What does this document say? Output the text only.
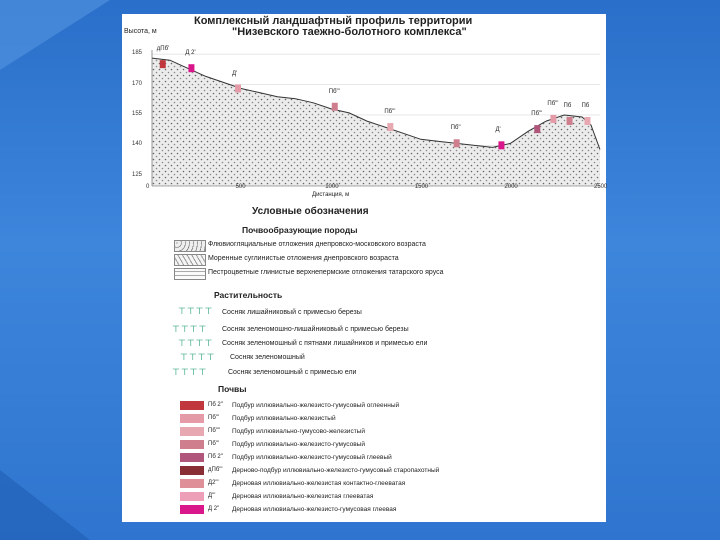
Комплексный ландшафтный профиль территории
"Низевского таежно-болотного комплекса"
Высота, м
185
170
155
140
125
0	500	1000	1500	2000	2500
дПб'
Д 2'
Д'
Пб"'
Пб'"
Пб''	Д'
Пб'"
Пб"' Пб Пб
Дистанция, м
Условные обозначения
Почвообразующие породы
Флювиогляциальные отложения днепровско-московского возраста
Моренные суглинистые отложения днепровского возраста
Пестроцветные глинистые верхнепермские отложения татарского яруса
Растительность
⊤⊤⊤⊤ Сосняк лишайниковый с примесью березы
⊤⊤⊤⊤ Сосняк зеленомошно-лишайниковый с примесью березы
⊤⊤⊤⊤ Сосняк зеленомошный с пятнами лишайников и примесью ели
⊤⊤⊤⊤ Сосняк зеленомошный
⊤⊤⊤⊤	Сосняк зеленомошный с примесью ели
Почвы
Пб 2" Подбур иллювиально-железисто-гумусовый оглеенный
Пб'" Подбур иллювиально-железистый
Пб'"' Подбур иллювиально-гумусово-железистый
Пб"' Подбур иллювиально-железисто-гумусовый
Пб 2" Подбур иллювиально-железисто-гумусовый глеевый
дПб'" Дерново-подбур иллювиально-железисто-гумусовый старопахотный
Д2"' Дерновая иллювиально-железистая контактно-глееватая
Д'"	Дерновая иллювиально-железистая глееватая
Д 2" Дерновая иллювиально-железисто-гумусовая глеевая
